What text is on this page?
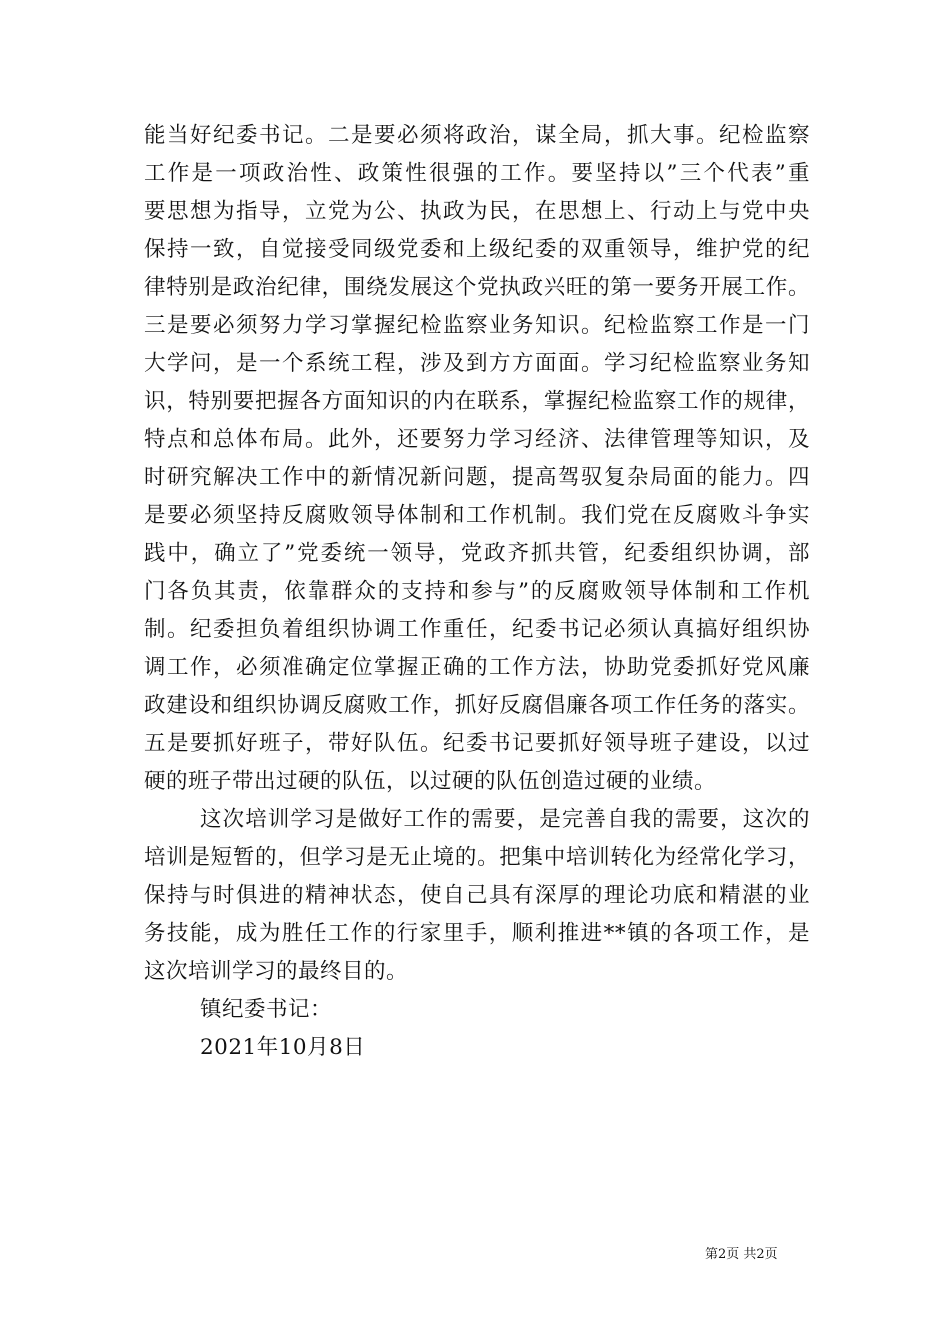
能当好纪委书记。二是要必须将政治，谋全局，抓大事。纪检监察
工作是一项政治性、政策性很强的工作。要坚持以”三个代表”重
要思想为指导，立党为公、执政为民，在思想上、行动上与党中央
保持一致，自觉接受同级党委和上级纪委的双重领导，维护党的纪
律特别是政治纪律，围绕发展这个党执政兴旺的第一要务开展工作。
三是要必须努力学习掌握纪检监察业务知识。纪检监察工作是一门
大学问，是一个系统工程，涉及到方方面面。学习纪检监察业务知
识，特别要把握各方面知识的内在联系，掌握纪检监察工作的规律，
特点和总体布局。此外，还要努力学习经济、法律管理等知识，及
时研究解决工作中的新情况新问题，提高驾驭复杂局面的能力。四
是要必须坚持反腐败领导体制和工作机制。我们党在反腐败斗争实
践中，确立了”党委统一领导，党政齐抓共管，纪委组织协调，部
门各负其责，依靠群众的支持和参与”的反腐败领导体制和工作机
制。纪委担负着组织协调工作重任，纪委书记必须认真搞好组织协
调工作，必须准确定位掌握正确的工作方法，协助党委抓好党风廉
政建设和组织协调反腐败工作，抓好反腐倡廉各项工作任务的落实。
五是要抓好班子，带好队伍。纪委书记要抓好领导班子建设，以过
硬的班子带出过硬的队伍，以过硬的队伍创造过硬的业绩。
这次培训学习是做好工作的需要，是完善自我的需要，这次的
培训是短暂的，但学习是无止境的。把集中培训转化为经常化学习，
保持与时俱进的精神状态，使自己具有深厚的理论功底和精湛的业
务技能，成为胜任工作的行家里手，顺利推进**镇的各项工作，是
这次培训学习的最终目的。
镇纪委书记：
2021年10月8日
第2页 共2页
